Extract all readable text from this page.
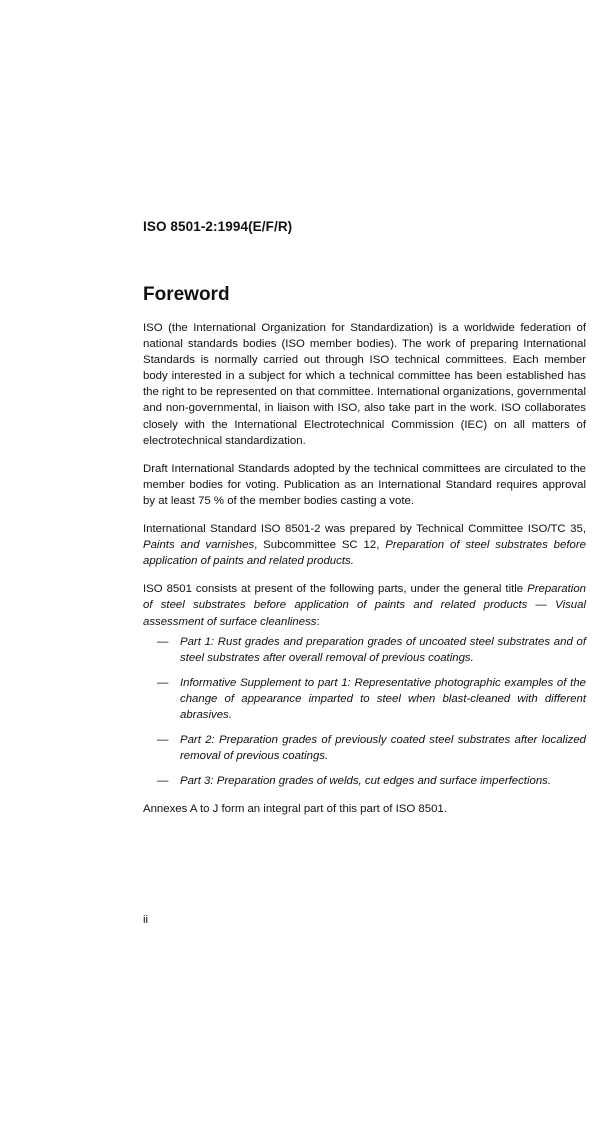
ISO 8501-2:1994(E/F/R)
Foreword

ISO (the International Organization for Standardization) is a worldwide federation of national standards bodies (ISO member bodies). The work of preparing International Standards is normally carried out through ISO technical committees. Each member body interested in a subject for which a technical committee has been established has the right to be represented on that committee. International organizations, governmental and non-governmental, in liaison with ISO, also take part in the work. ISO collaborates closely with the International Electrotechnical Commission (IEC) on all matters of electrotechnical standardization.

Draft International Standards adopted by the technical committees are circulated to the member bodies for voting. Publication as an International Standard requires approval by at least 75 % of the member bodies casting a vote.

International Standard ISO 8501-2 was prepared by Technical Committee ISO/TC 35, Paints and varnishes, Subcommittee SC 12, Preparation of steel substrates before application of paints and related products.

ISO 8501 consists at present of the following parts, under the general title Preparation of steel substrates before application of paints and related products — Visual assessment of surface cleanliness:

— Part 1: Rust grades and preparation grades of uncoated steel substrates and of steel substrates after overall removal of previous coatings.
— Informative Supplement to part 1: Representative photographic examples of the change of appearance imparted to steel when blast-cleaned with different abrasives.
— Part 2: Preparation grades of previously coated steel substrates after localized removal of previous coatings.
— Part 3: Preparation grades of welds, cut edges and surface imperfections.

Annexes A to J form an integral part of this part of ISO 8501.

ii
